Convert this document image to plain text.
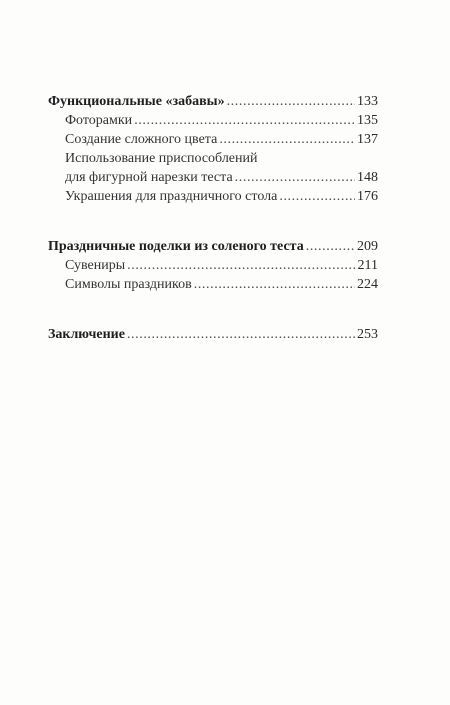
Функциональные «забавы» .....	133
Фоторамки .....	135
Создание сложного цвета .....	137
Использование приспособлений
для фигурной нарезки теста .....	148
Украшения для праздничного стола .....	176
Праздничные поделки из соленого теста .....	209
Сувениры .....	211
Символы праздников .....	224
Заключение .....	253
